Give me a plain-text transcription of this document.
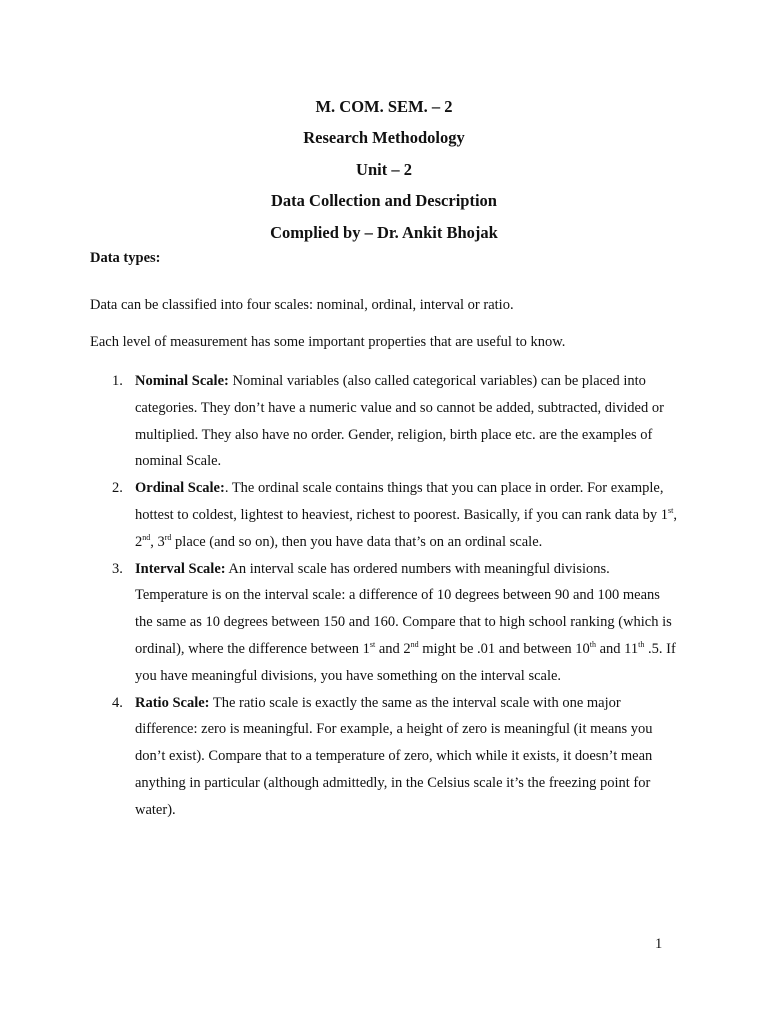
M. COM. SEM. – 2

Research Methodology

Unit – 2

Data Collection and Description

Complied by – Dr. Ankit Bhojak

Data types:

Data can be classified into four scales: nominal, ordinal, interval or ratio.

Each level of measurement has some important properties that are useful to know.

1. Nominal Scale: Nominal variables (also called categorical variables) can be placed into categories. They don’t have a numeric value and so cannot be added, subtracted, divided or multiplied. They also have no order. Gender, religion, birth place etc. are the examples of nominal Scale.
2. Ordinal Scale:. The ordinal scale contains things that you can place in order. For example, hottest to coldest, lightest to heaviest, richest to poorest. Basically, if you can rank data by 1st, 2nd, 3rd place (and so on), then you have data that’s on an ordinal scale.
3. Interval Scale: An interval scale has ordered numbers with meaningful divisions. Temperature is on the interval scale: a difference of 10 degrees between 90 and 100 means the same as 10 degrees between 150 and 160. Compare that to high school ranking (which is ordinal), where the difference between 1st and 2nd might be .01 and between 10th and 11th .5. If you have meaningful divisions, you have something on the interval scale.
4. Ratio Scale: The ratio scale is exactly the same as the interval scale with one major difference: zero is meaningful. For example, a height of zero is meaningful (it means you don’t exist). Compare that to a temperature of zero, which while it exists, it doesn’t mean anything in particular (although admittedly, in the Celsius scale it’s the freezing point for water).

1
